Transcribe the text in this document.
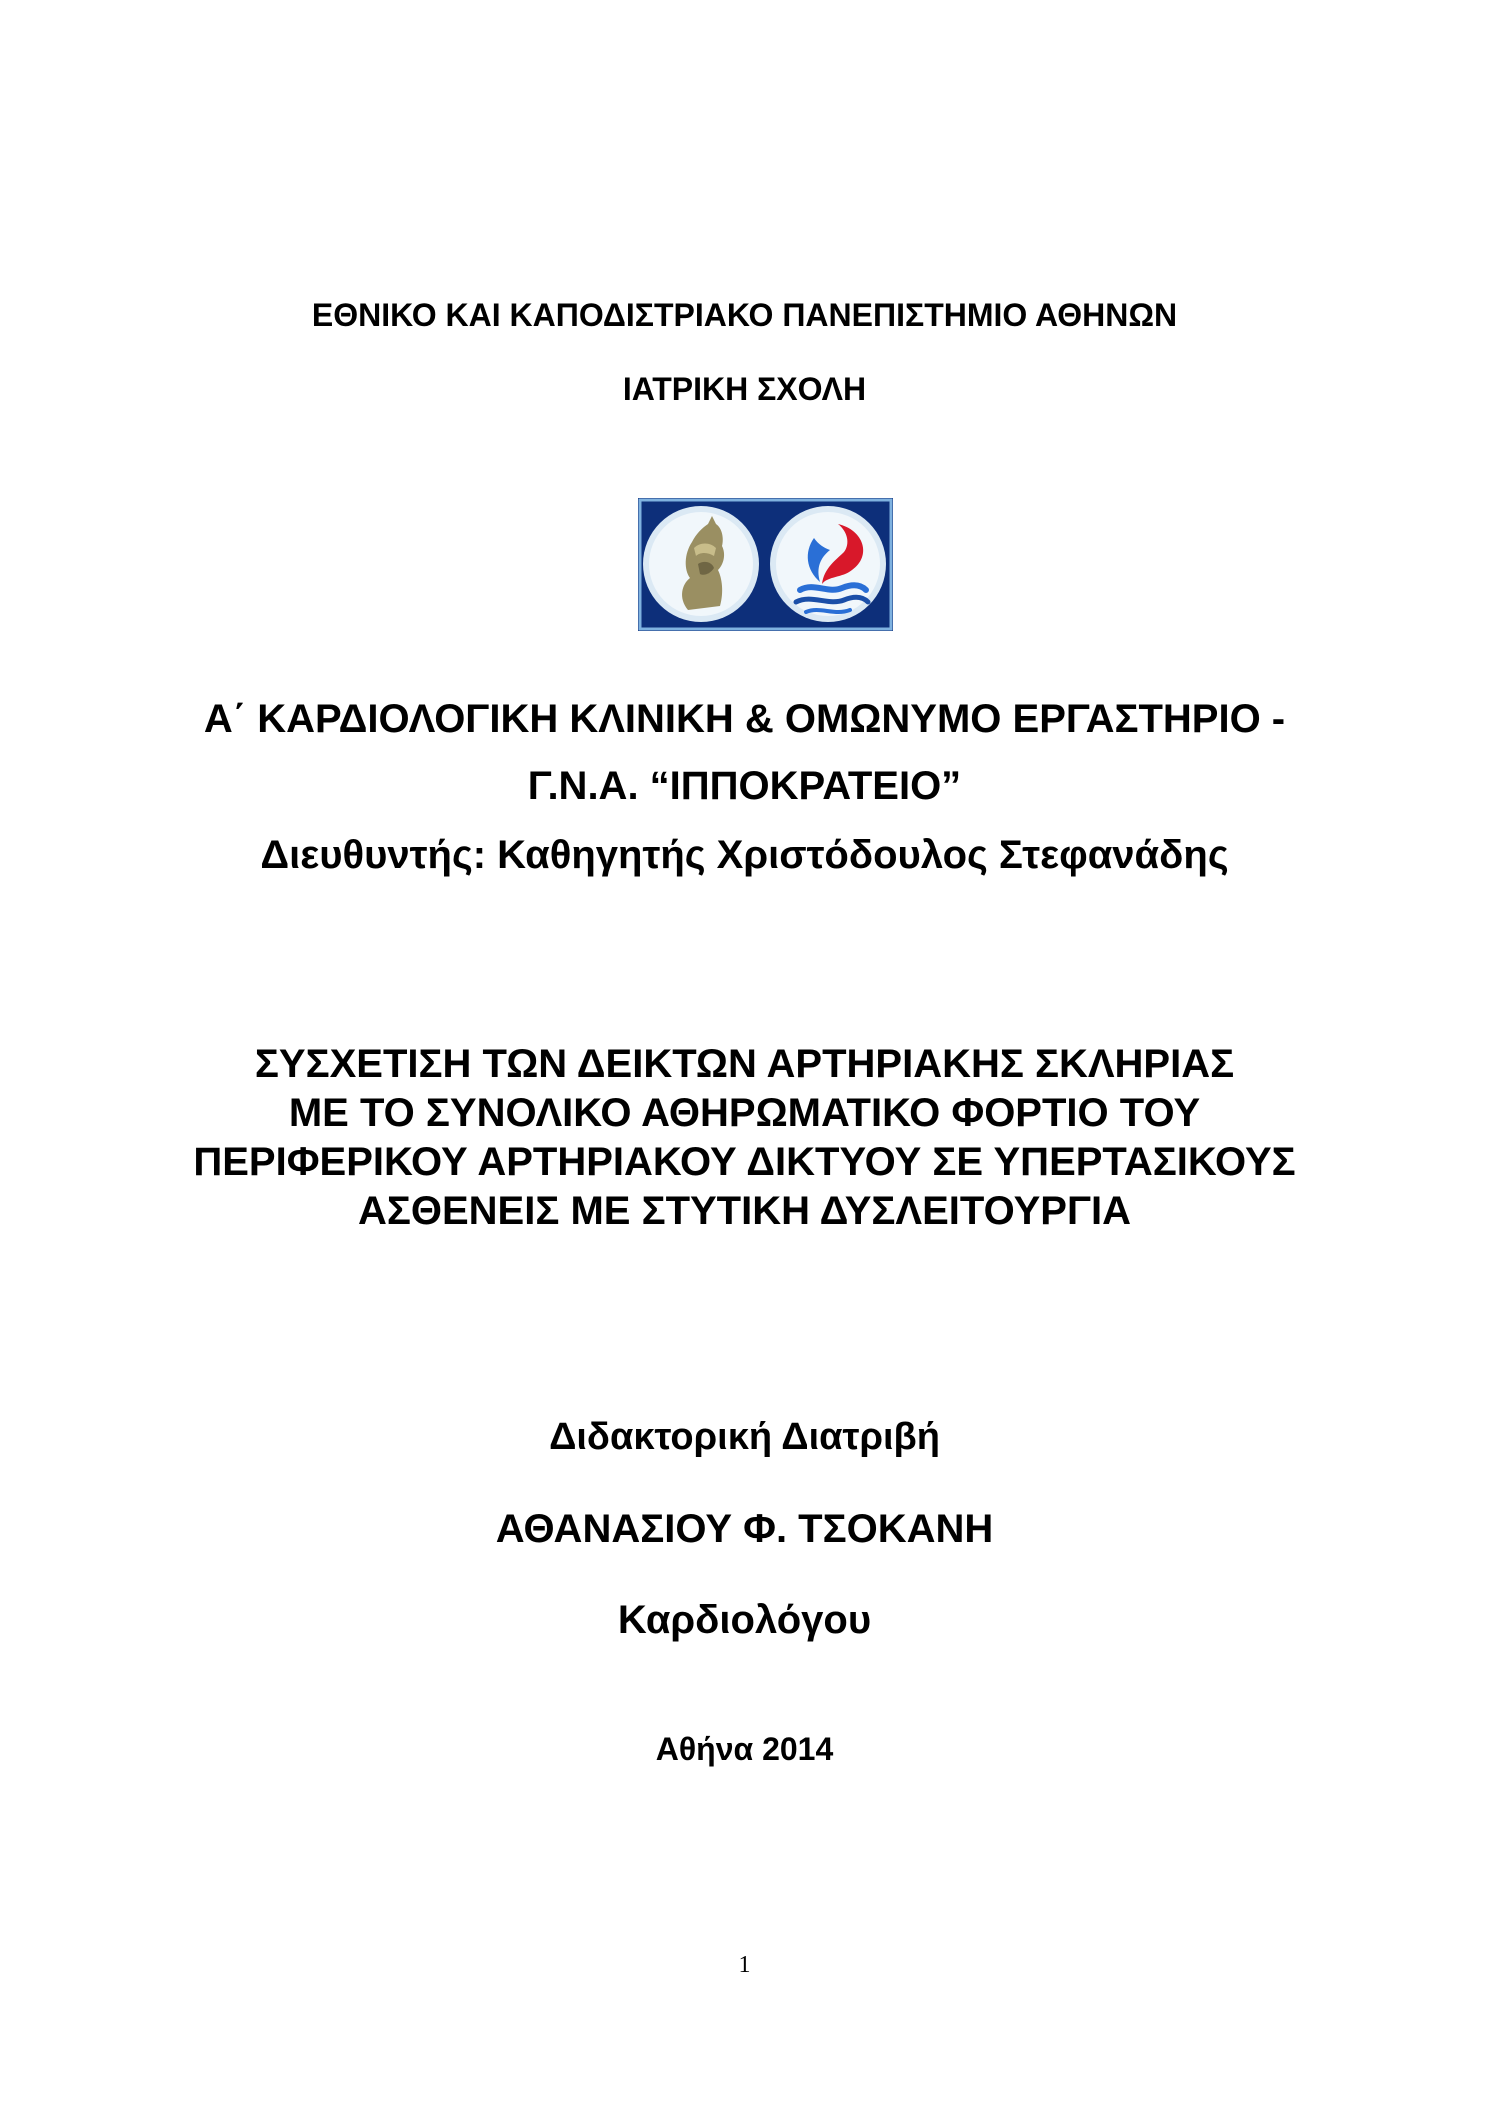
ΕΘΝΙΚΟ ΚΑΙ ΚΑΠΟΔΙΣΤΡΙΑΚΟ ΠΑΝΕΠΙΣΤΗΜΙΟ ΑΘΗΝΩΝ
ΙΑΤΡΙΚΗ ΣΧΟΛΗ
Α΄ ΚΑΡΔΙΟΛΟΓΙΚΗ ΚΛΙΝΙΚΗ & ΟΜΩΝΥΜΟ ΕΡΓΑΣΤΗΡΙΟ -
Γ.Ν.Α. “ΙΠΠΟΚΡΑΤΕΙΟ”
Διευθυντής: Καθηγητής Χριστόδουλος Στεφανάδης
ΣΥΣΧΕΤΙΣΗ ΤΩΝ ΔΕΙΚΤΩΝ ΑΡΤΗΡΙΑΚΗΣ ΣΚΛΗΡΙΑΣ
ΜΕ ΤΟ ΣΥΝΟΛΙΚΟ ΑΘΗΡΩΜΑΤΙΚΟ ΦΟΡΤΙΟ ΤΟΥ
ΠΕΡΙΦΕΡΙΚΟΥ ΑΡΤΗΡΙΑΚΟΥ ΔΙΚΤΥΟΥ ΣΕ ΥΠΕΡΤΑΣΙΚΟΥΣ
ΑΣΘΕΝΕΙΣ ΜΕ ΣΤΥΤΙΚΗ ΔΥΣΛΕΙΤΟΥΡΓΙΑ
Διδακτορική Διατριβή
ΑΘΑΝΑΣΙΟΥ Φ. ΤΣΟΚΑΝΗ
Καρδιολόγου
Αθήνα 2014
1
